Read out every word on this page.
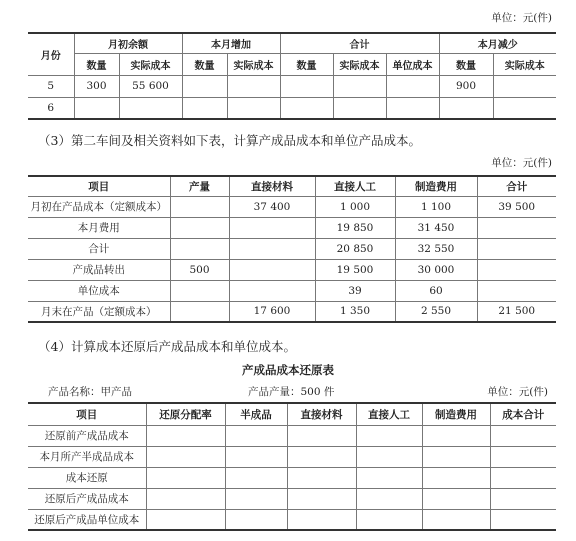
单位：元(件)
月份	月初余额		本月增加		合计			本月减少	
	数量	实际成本	数量	实际成本	数量	实际成本	单位成本	数量	实际成本
5	300	55 600						900	
6									
（3）第二车间及相关资料如下表，计算产成品成本和单位产品成本。
单位：元(件)
项目	产量	直接材料	直接人工	制造费用	合计
月初在产品成本（定额成本）		37 400	1 000	1 100	39 500
本月费用			19 850	31 450	
合计			20 850	32 550	
产成品转出	500		19 500	30 000	
单位成本			39	60	
月末在产品（定额成本）		17 600	1 350	2 550	21 500
（4）计算成本还原后产成品成本和单位成本。
产成品成本还原表
产品名称：甲产品	产品产量：500 件	单位：元(件)
项目	还原分配率	半成品	直接材料	直接人工	制造费用	成本合计
还原前产成品成本						
本月所产半成品成本						
成本还原						
还原后产成品成本						
还原后产成品单位成本						
